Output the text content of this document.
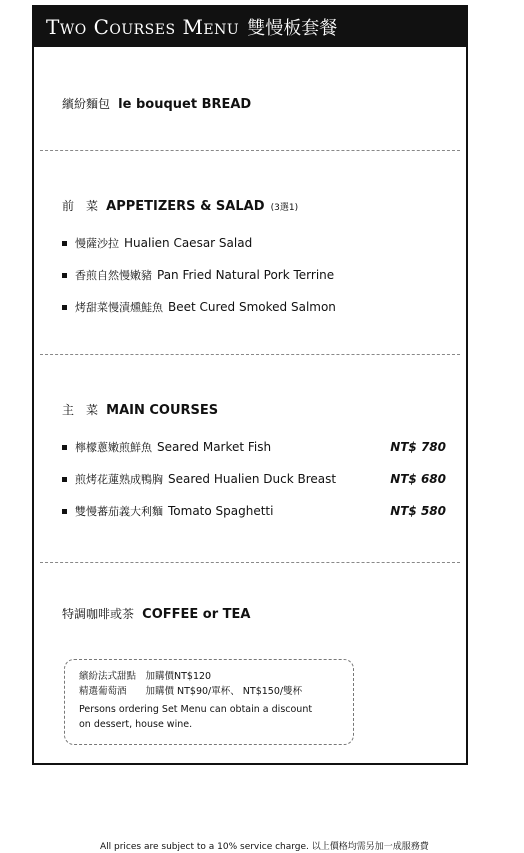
Two Courses Menu 雙慢板套餐
繽紛麵包 le bouquet BREAD
前　菜 APPETIZERS & SALAD (3選1)
慢薩沙拉 Hualien Caesar Salad
香煎自然慢嫩豬 Pan Fried Natural Pork Terrine
烤甜菜慢漬燻鮭魚 Beet Cured Smoked Salmon
主　菜 MAIN COURSES
檸檬蔥嫩煎鮮魚 Seared Market Fish	NT$ 780
煎烤花蓮熟成鴨胸 Seared Hualien Duck Breast	NT$ 680
雙慢蕃茄義大利麵 Tomato Spaghetti	NT$ 580
特調咖啡或茶 COFFEE or TEA
繽紛法式甜點　加購價NT$120
精選葡萄酒　　加購價 NT$90/單杯、 NT$150/雙杯
Persons ordering Set Menu can obtain a discount
on dessert, house wine.
All prices are subject to a 10% service charge. 以上價格均需另加一成服務費
